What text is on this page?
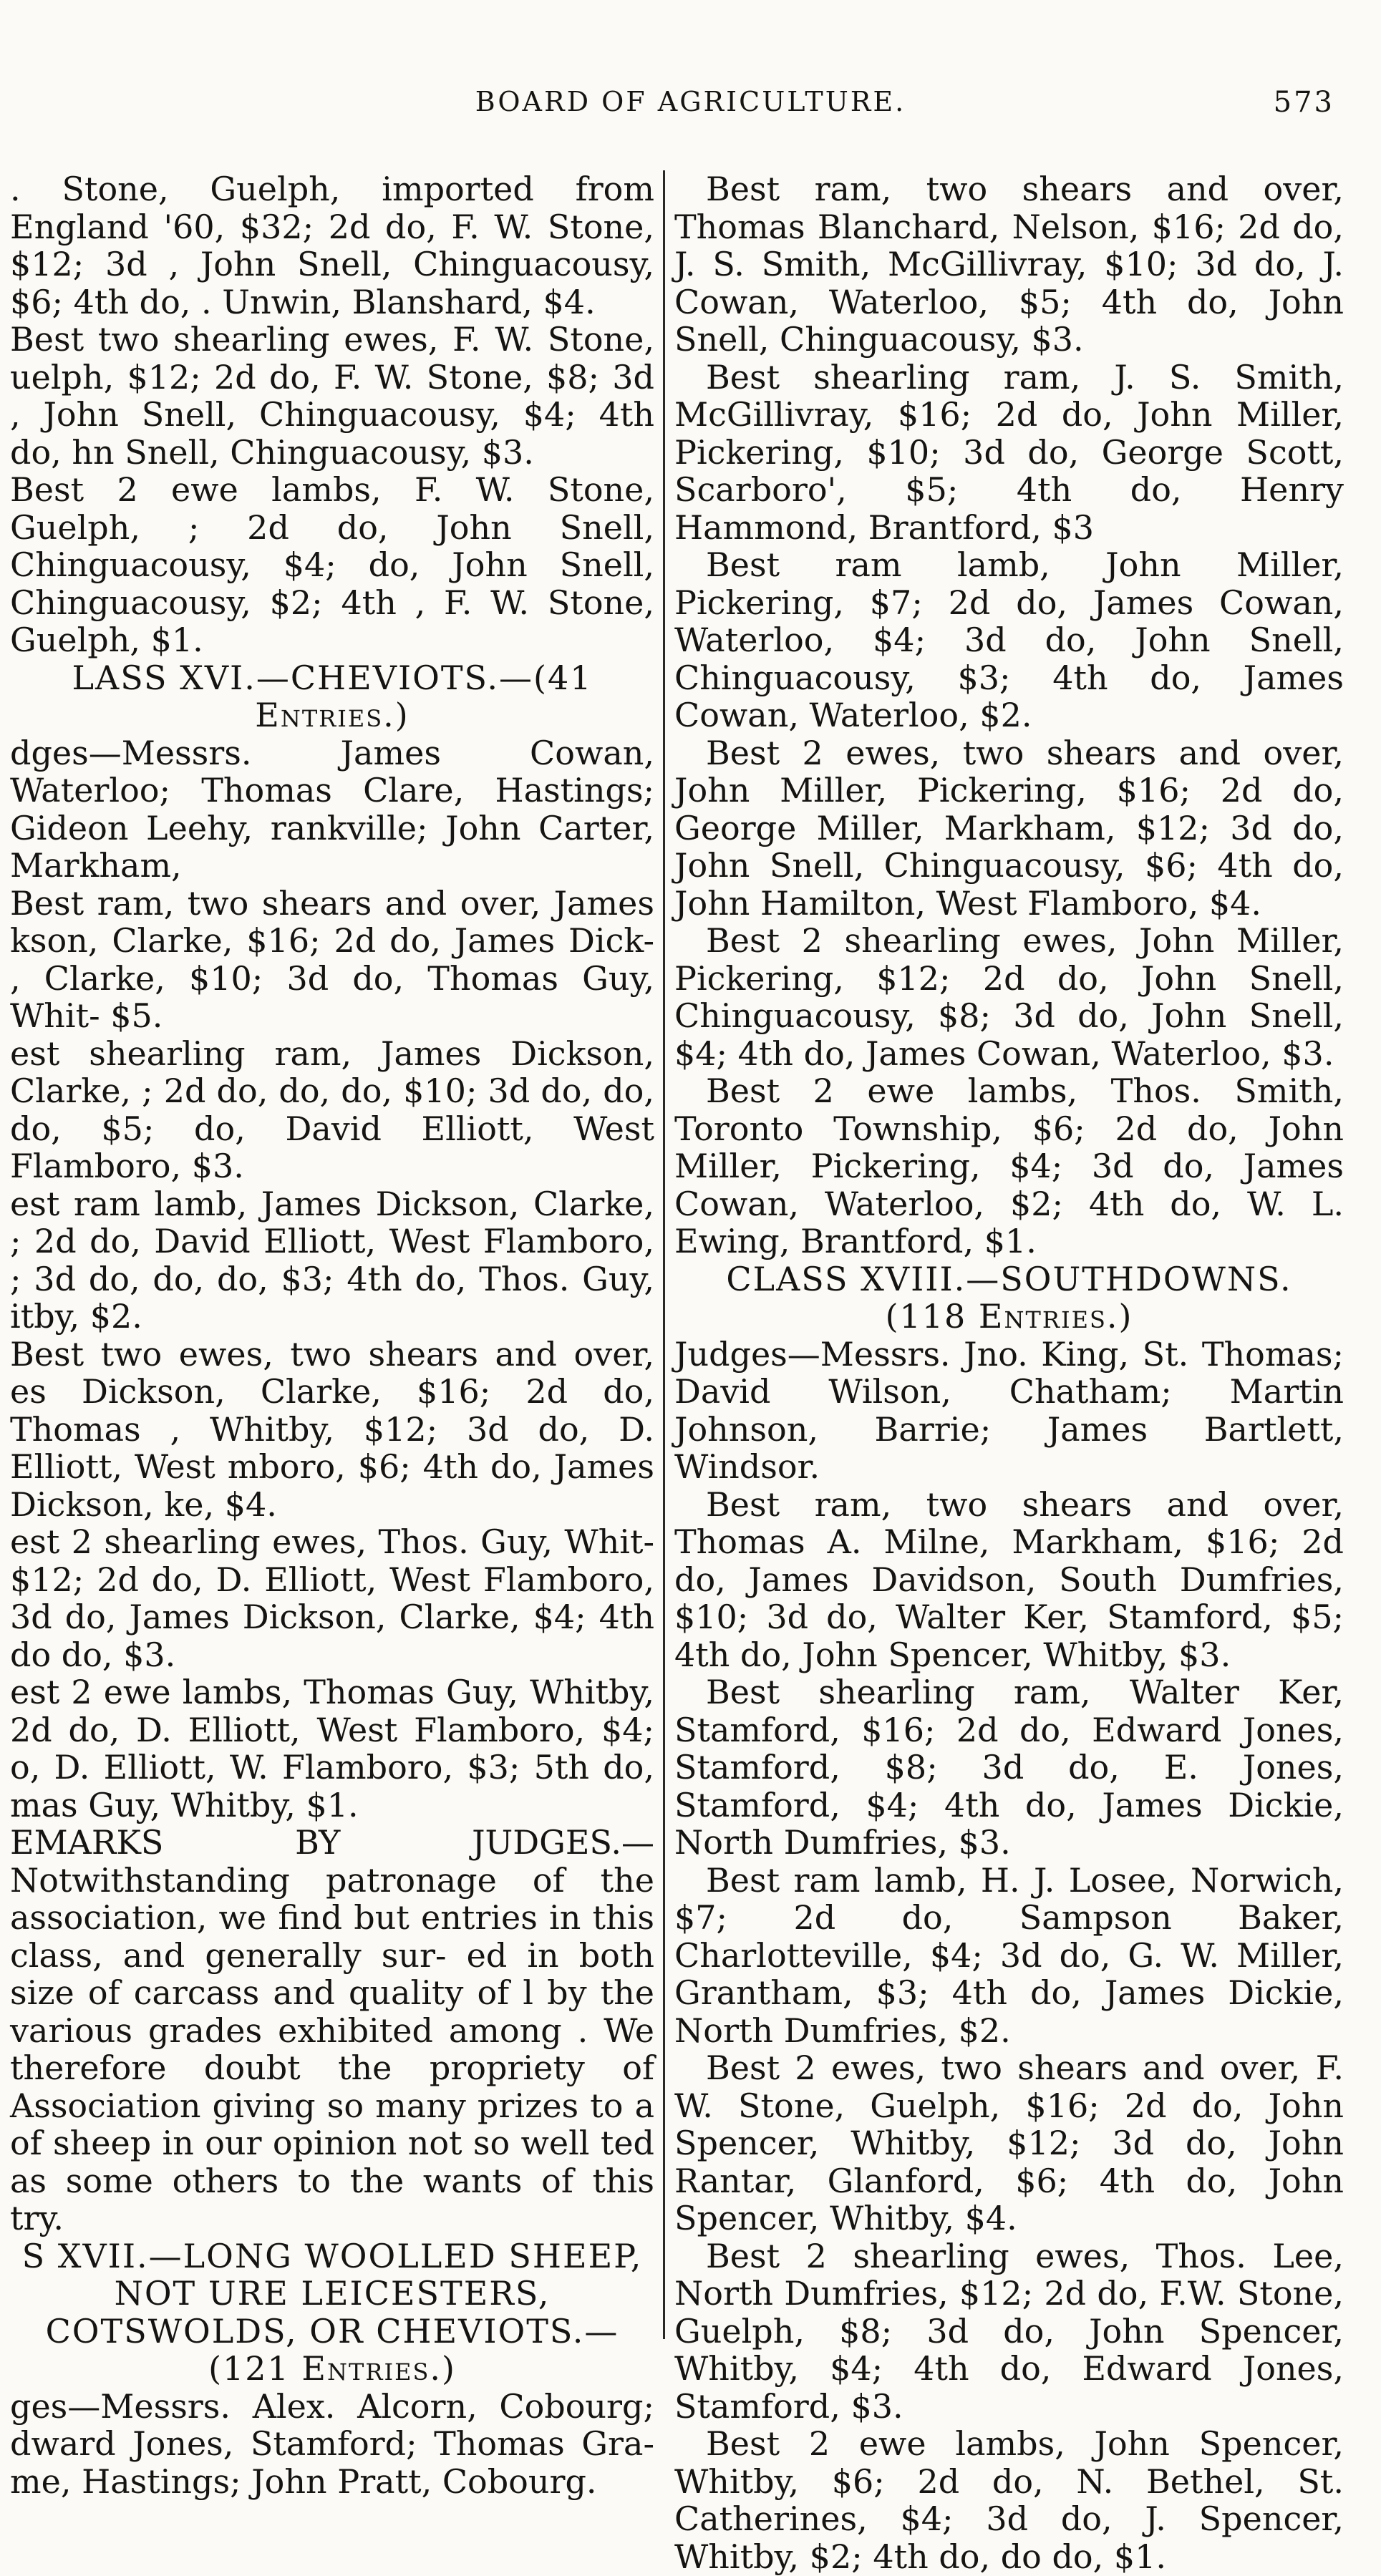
BOARD OF AGRICULTURE.	573

. Stone, Guelph, imported from England '60, $32; 2d do, F. W. Stone, $12; 3d , John Snell, Chinguacousy, $6; 4th do, . Unwin, Blanshard, $4.

Best two shearling ewes, F. W. Stone, uelph, $12; 2d do, F. W. Stone, $8; 3d , John Snell, Chinguacousy, $4; 4th do, hn Snell, Chinguacousy, $3.

Best 2 ewe lambs, F. W. Stone, Guelph, ; 2d do, John Snell, Chinguacousy, $4; do, John Snell, Chinguacousy, $2; 4th , F. W. Stone, Guelph, $1.

LASS XVI.—CHEVIOTS.—(41 Entries.)

dges—Messrs. James Cowan, Waterloo; Thomas Clare, Hastings; Gideon Leehy, rankville; John Carter, Markham,

Best ram, two shears and over, James kson, Clarke, $16; 2d do, James Dick- , Clarke, $10; 3d do, Thomas Guy, Whit- $5.

est shearling ram, James Dickson, Clarke, ; 2d do, do, do, $10; 3d do, do, do, $5; do, David Elliott, West Flamboro, $3.

est ram lamb, James Dickson, Clarke, ; 2d do, David Elliott, West Flamboro, ; 3d do, do, do, $3; 4th do, Thos. Guy, itby, $2.

Best two ewes, two shears and over, es Dickson, Clarke, $16; 2d do, Thomas , Whitby, $12; 3d do, D. Elliott, West mboro, $6; 4th do, James Dickson, ke, $4.

est 2 shearling ewes, Thos. Guy, Whit- $12; 2d do, D. Elliott, West Flamboro, 3d do, James Dickson, Clarke, $4; 4th do do, $3.

est 2 ewe lambs, Thomas Guy, Whitby, 2d do, D. Elliott, West Flamboro, $4; o, D. Elliott, W. Flamboro, $3; 5th do, mas Guy, Whitby, $1.

EMARKS BY JUDGES.—Notwithstanding patronage of the association, we find but entries in this class, and generally sur- ed in both size of carcass and quality of l by the various grades exhibited among . We therefore doubt the propriety of Association giving so many prizes to a of sheep in our opinion not so well ted as some others to the wants of this try.

S XVII.—LONG WOOLLED SHEEP, NOT URE LEICESTERS, COTSWOLDS, OR CHEVIOTS.—(121 Entries.)

ges—Messrs. Alex. Alcorn, Cobourg; dward Jones, Stamford; Thomas Gra- me, Hastings; John Pratt, Cobourg.

Best ram, two shears and over, Thomas Blanchard, Nelson, $16; 2d do, J. S. Smith, McGillivray, $10; 3d do, J. Cowan, Waterloo, $5; 4th do, John Snell, Chinguacousy, $3.

Best shearling ram, J. S. Smith, McGillivray, $16; 2d do, John Miller, Pickering, $10; 3d do, George Scott, Scarboro', $5; 4th do, Henry Hammond, Brantford, $3

Best ram lamb, John Miller, Pickering, $7; 2d do, James Cowan, Waterloo, $4; 3d do, John Snell, Chinguacousy, $3; 4th do, James Cowan, Waterloo, $2.

Best 2 ewes, two shears and over, John Miller, Pickering, $16; 2d do, George Miller, Markham, $12; 3d do, John Snell, Chinguacousy, $6; 4th do, John Hamilton, West Flamboro, $4.

Best 2 shearling ewes, John Miller, Pickering, $12; 2d do, John Snell, Chinguacousy, $8; 3d do, John Snell, $4; 4th do, James Cowan, Waterloo, $3.

Best 2 ewe lambs, Thos. Smith, Toronto Township, $6; 2d do, John Miller, Pickering, $4; 3d do, James Cowan, Waterloo, $2; 4th do, W. L. Ewing, Brantford, $1.

CLASS XVIII.—SOUTHDOWNS.

(118 Entries.)

Judges—Messrs. Jno. King, St. Thomas; David Wilson, Chatham; Martin Johnson, Barrie; James Bartlett, Windsor.

Best ram, two shears and over, Thomas A. Milne, Markham, $16; 2d do, James Davidson, South Dumfries, $10; 3d do, Walter Ker, Stamford, $5; 4th do, John Spencer, Whitby, $3.

Best shearling ram, Walter Ker, Stamford, $16; 2d do, Edward Jones, Stamford, $8; 3d do, E. Jones, Stamford, $4; 4th do, James Dickie, North Dumfries, $3.

Best ram lamb, H. J. Losee, Norwich, $7; 2d do, Sampson Baker, Charlotteville, $4; 3d do, G. W. Miller, Grantham, $3; 4th do, James Dickie, North Dumfries, $2.

Best 2 ewes, two shears and over, F. W. Stone, Guelph, $16; 2d do, John Spencer, Whitby, $12; 3d do, John Rantar, Glanford, $6; 4th do, John Spencer, Whitby, $4.

Best 2 shearling ewes, Thos. Lee, North Dumfries, $12; 2d do, F.W. Stone, Guelph, $8; 3d do, John Spencer, Whitby, $4; 4th do, Edward Jones, Stamford, $3.

Best 2 ewe lambs, John Spencer, Whitby, $6; 2d do, N. Bethel, St. Catherines, $4; 3d do, J. Spencer, Whitby, $2; 4th do, do do, $1.
